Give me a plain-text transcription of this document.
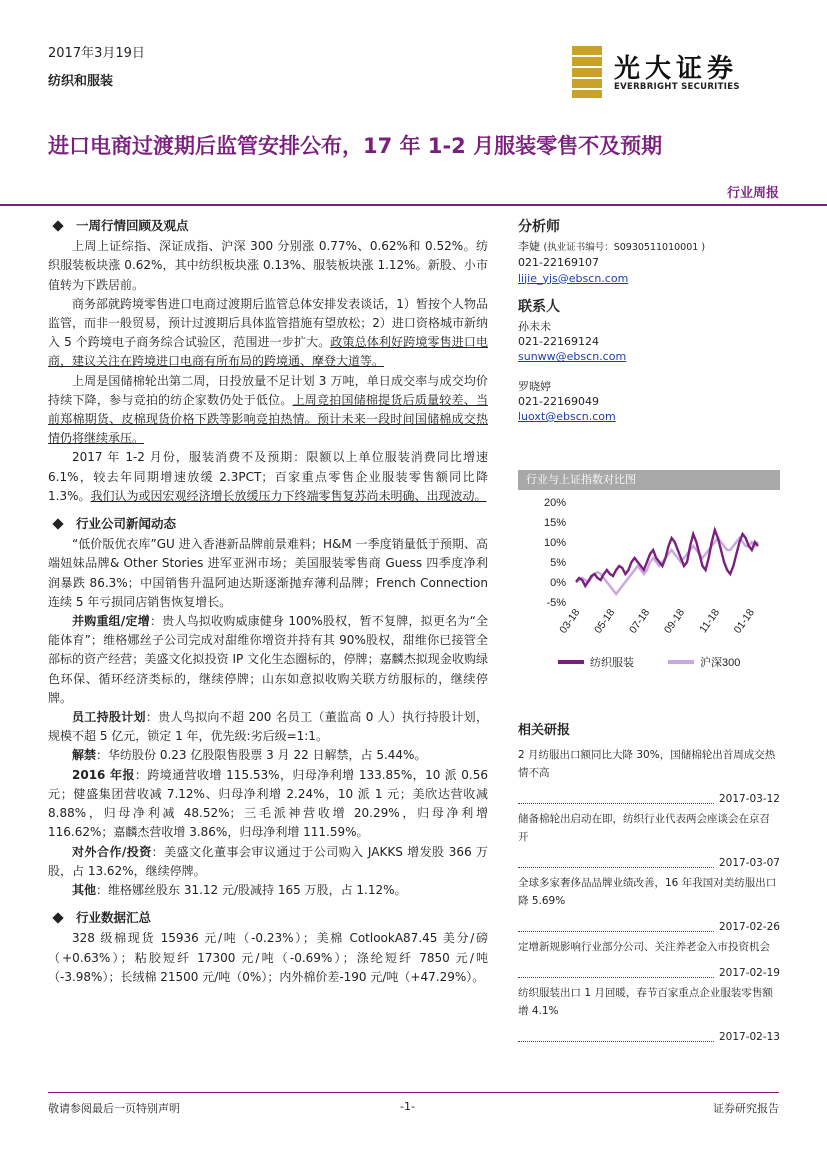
2017年3月19日
纺织和服装	光大证券
EVERBRIGHT SECURITIES
进口电商过渡期后监管安排公布，17 年 1-2 月服装零售不及预期
行业周报
一周行情回顾及观点

上周上证综指、深证成指、沪深 300 分别涨 0.77%、0.62%和 0.52%。纺织服装板块涨 0.62%，其中纺织板块涨 0.13%、服装板块涨 1.12%。新股、小市值转为下跌居前。

商务部就跨境零售进口电商过渡期后监管总体安排发表谈话，1）暂按个人物品监管，而非一般贸易，预计过渡期后具体监管措施有望放松；2）进口资格城市新纳入 5 个跨境电子商务综合试验区，范围进一步扩大。政策总体利好跨境零售进口电商，建议关注在跨境进口电商有所布局的跨境通、摩登大道等。

上周是国储棉轮出第二周，日投放量不足计划 3 万吨，单日成交率与成交均价持续下降，参与竞拍的纺企家数仍处于低位。上周竞拍国储棉提货后质量较差、当前郑棉期货、皮棉现货价格下跌等影响竞拍热情。预计未来一段时间国储棉成交热情仍将继续承压。

2017 年 1-2 月份，服装消费不及预期：限额以上单位服装消费同比增速 6.1%，较去年同期增速放缓 2.3PCT；百家重点零售企业服装零售额同比降 1.3%。我们认为或因宏观经济增长放缓压力下终端零售复苏尚未明确、出现波动。

行业公司新闻动态

“低价版优衣库”GU 进入香港新品牌前景难料；H&M 一季度销量低于预期、高端妞妹品牌& Other Stories 进军亚洲市场；美国服装零售商 Guess 四季度净利润暴跌 86.3%；中国销售升温阿迪达斯逐渐抛弃薄利品牌；French Connection 连续 5 年亏损同店销售恢复增长。

并购重组/定增：贵人鸟拟收购威康健身 100%股权，暂不复牌，拟更名为“全能体育”；维格娜丝子公司完成对甜维你增资并持有其 90%股权，甜维你已接管全部标的资产经营；美盛文化拟投资 IP 文化生态圈标的，停牌；嘉麟杰拟现金收购绿色环保、循环经济类标的，继续停牌；山东如意拟收购关联方纺服标的，继续停牌。

员工持股计划：贵人鸟拟向不超 200 名员工（董监高 0 人）执行持股计划，规模不超 5 亿元，锁定 1 年，优先级:劣后级=1:1。

解禁：华纺股份 0.23 亿股限售股票 3 月 22 日解禁，占 5.44%。

2016 年报：跨境通营收增 115.53%，归母净利增 133.85%，10 派 0.56 元；健盛集团营收减 7.12%、归母净利增 2.24%，10 派 1 元；美欣达营收减 8.88%，归母净利减 48.52%；三毛派神营收增 20.29%，归母净利增 116.62%；嘉麟杰营收增 3.86%，归母净利增 111.59%。

对外合作/投资：美盛文化董事会审议通过于公司购入 JAKKS 增发股 366 万股，占 13.62%，继续停牌。

其他：维格娜丝股东 31.12 元/股减持 165 万股，占 1.12%。

行业数据汇总

328 级棉现货 15936 元/吨（-0.23%）；美棉 CotlookA87.45 美分/磅（+0.63%）；粘胶短纤 17300 元/吨（-0.69%）；涤纶短纤 7850 元/吨（-3.98%）；长绒棉 21500 元/吨（0%）；内外棉价差-190 元/吨（+47.29%）。

分析师
李婕 (执业证书编号：S0930511010001 )
021-22169107
lijie_yjs@ebscn.com
联系人
孙未未
021-22169124
sunww@ebscn.com
罗晓婷
021-22169049
luoxt@ebscn.com
行业与上证指数对比图
20%
15%
10%
5%
0%
-5%
03-18 05-18 07-18 09-18 11-18 01-18
纺织服装	沪深300
相关研报
2 月纺服出口额同比大降 30%，国储棉轮出首周成交热情不高
2017-03-12
储备棉轮出启动在即，纺织行业代表两会座谈会在京召开
2017-03-07
全球多家奢侈品品牌业绩改善，16 年我国对美纺服出口降 5.69%
2017-02-26
定增新规影响行业部分公司、关注养老金入市投资机会
2017-02-19
纺织服装出口 1 月回暖，春节百家重点企业服装零售额增 4.1%
2017-02-13
敬请参阅最后一页特别声明	-1-	证券研究报告
